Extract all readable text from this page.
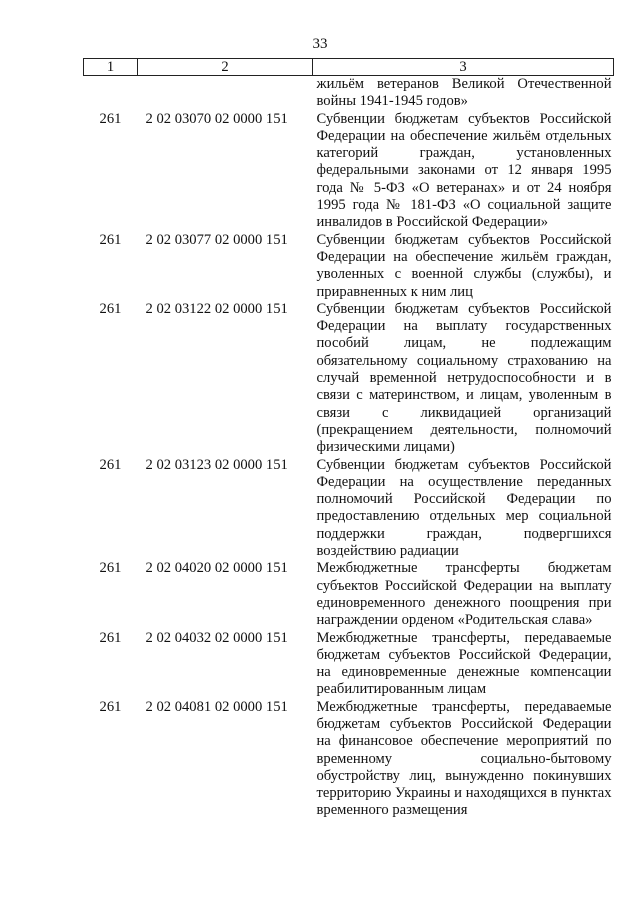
33
1	2	3
		жильём ветеранов Великой Отечественной войны 1941-1945 годов»
261	2 02 03070 02 0000 151	Субвенции бюджетам субъектов Российской Федерации на обеспечение жильём отдельных категорий граждан, установленных федеральными законами от 12 января 1995 года № 5-ФЗ «О ветеранах» и от 24 ноября 1995 года № 181-ФЗ «О социальной защите инвалидов в Российской Федерации»
261	2 02 03077 02 0000 151	Субвенции бюджетам субъектов Российской Федерации на обеспечение жильём граждан, уволенных с военной службы (службы), и приравненных к ним лиц
261	2 02 03122 02 0000 151	Субвенции бюджетам субъектов Российской Федерации на выплату государственных пособий лицам, не подлежащим обязательному социальному страхованию на случай временной нетрудоспособности и в связи с материнством, и лицам, уволенным в связи с ликвидацией организаций (прекращением деятельности, полномочий физическими лицами)
261	2 02 03123 02 0000 151	Субвенции бюджетам субъектов Российской Федерации на осуществление переданных полномочий Российской Федерации по предоставлению отдельных мер социальной поддержки граждан, подвергшихся воздействию радиации
261	2 02 04020 02 0000 151	Межбюджетные трансферты бюджетам субъектов Российской Федерации на выплату единовременного денежного поощрения при награждении орденом «Родительская слава»
261	2 02 04032 02 0000 151	Межбюджетные трансферты, передаваемые бюджетам субъектов Российской Федерации, на единовременные денежные компенсации реабилитированным лицам
261	2 02 04081 02 0000 151	Межбюджетные трансферты, передаваемые бюджетам субъектов Российской Федерации на финансовое обеспечение мероприятий по временному социально-бытовому обустройству лиц, вынужденно покинувших территорию Украины и находящихся в пунктах временного размещения
